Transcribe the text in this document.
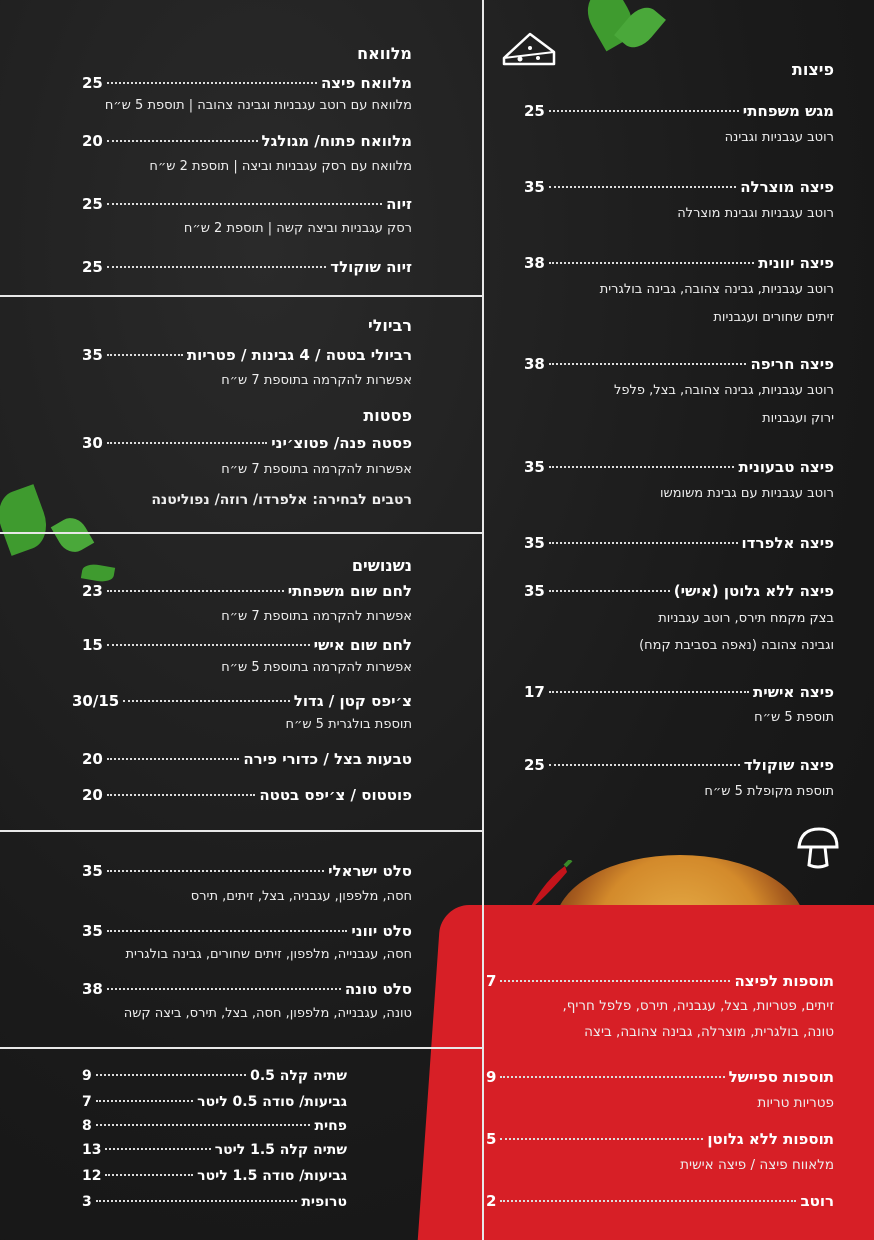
פיצות
מגש משפחתי
25
רוטב עגבניות וגבינה
פיצה מוצרלה
35
רוטב עגבניות וגבינת מוצרלה
פיצה יוונית
38
רוטב עגבניות, גבינה צהובה, גבינה בולגרית
זיתים שחורים ועגבניות
פיצה חריפה
38
רוטב עגבניות, גבינה צהובה, בצל, פלפל
ירוק ועגבניות
פיצה טבעונית
35
רוטב עגבניות עם גבינת משומשו
פיצה אלפרדו
35
פיצה ללא גלוטן (אישי)
35
בצק מקמח תירס, רוטב עגבניות
וגבינה צהובה (נאפה בסביבת קמח)
פיצה אישית
17
תוספת 5 ש״ח
פיצה שוקולד
25
תוספת מקופלת 5 ש״ח
מלוואח
מלוואח פיצה
25
מלוואח עם רוטב עגבניות וגבינה צהובה | תוספת 5 ש״ח
מלוואח פתוח/ מגולגל
20
מלוואח עם רסק עגבניות וביצה | תוספת 2 ש״ח
זיוה
25
רסק עגבניות וביצה קשה | תוספת 2 ש״ח
זיוה שוקולד
25
רביולי
רביולי בטטה / 4 גבינות / פטריות
35
אפשרות להקרמה בתוספת 7 ש״ח
פסטות
פסטה פנה/ פטוצ׳יני
30
אפשרות להקרמה בתוספת 7 ש״ח
רטבים לבחירה: אלפרדו/ רוזה/ נפוליטנה
נשנושים
לחם שום משפחתי
23
אפשרות להקרמה בתוספת 7 ש״ח
לחם שום אישי
15
אפשרות להקרמה בתוספת 5 ש״ח
צ׳יפס קטן / גדול
30/15
תוספת בולגרית 5 ש״ח
טבעות בצל / כדורי פירה
20
פוטטוס / צ׳יפס בטטה
20
סלט ישראלי
35
חסה, מלפפון, עגבניה, בצל, זיתים, תירס
סלט יווני
35
חסה, עגבנייה, מלפפון, זיתים שחורים, גבינה בולגרית
סלט טונה
38
טונה, עגבנייה, מלפפון, חסה, בצל, תירס, ביצה קשה
שתיה קלה 0.5
9
גביעות/ סודה 0.5 ליטר
7
פחית
8
שתיה קלה 1.5 ליטר
13
גביעות/ סודה 1.5 ליטר
12
טרופית
3
תוספות לפיצה
7
זיתים, פטריות, בצל, עגבניה, תירס, פלפל חריף,
טונה, בולגרית, מוצרלה, גבינה צהובה, ביצה
תוספות ספיישל
9
פטריות טריות
תוספות ללא גלוטן
5
מלאווח פיצה / פיצה אישית
רוטב
2
